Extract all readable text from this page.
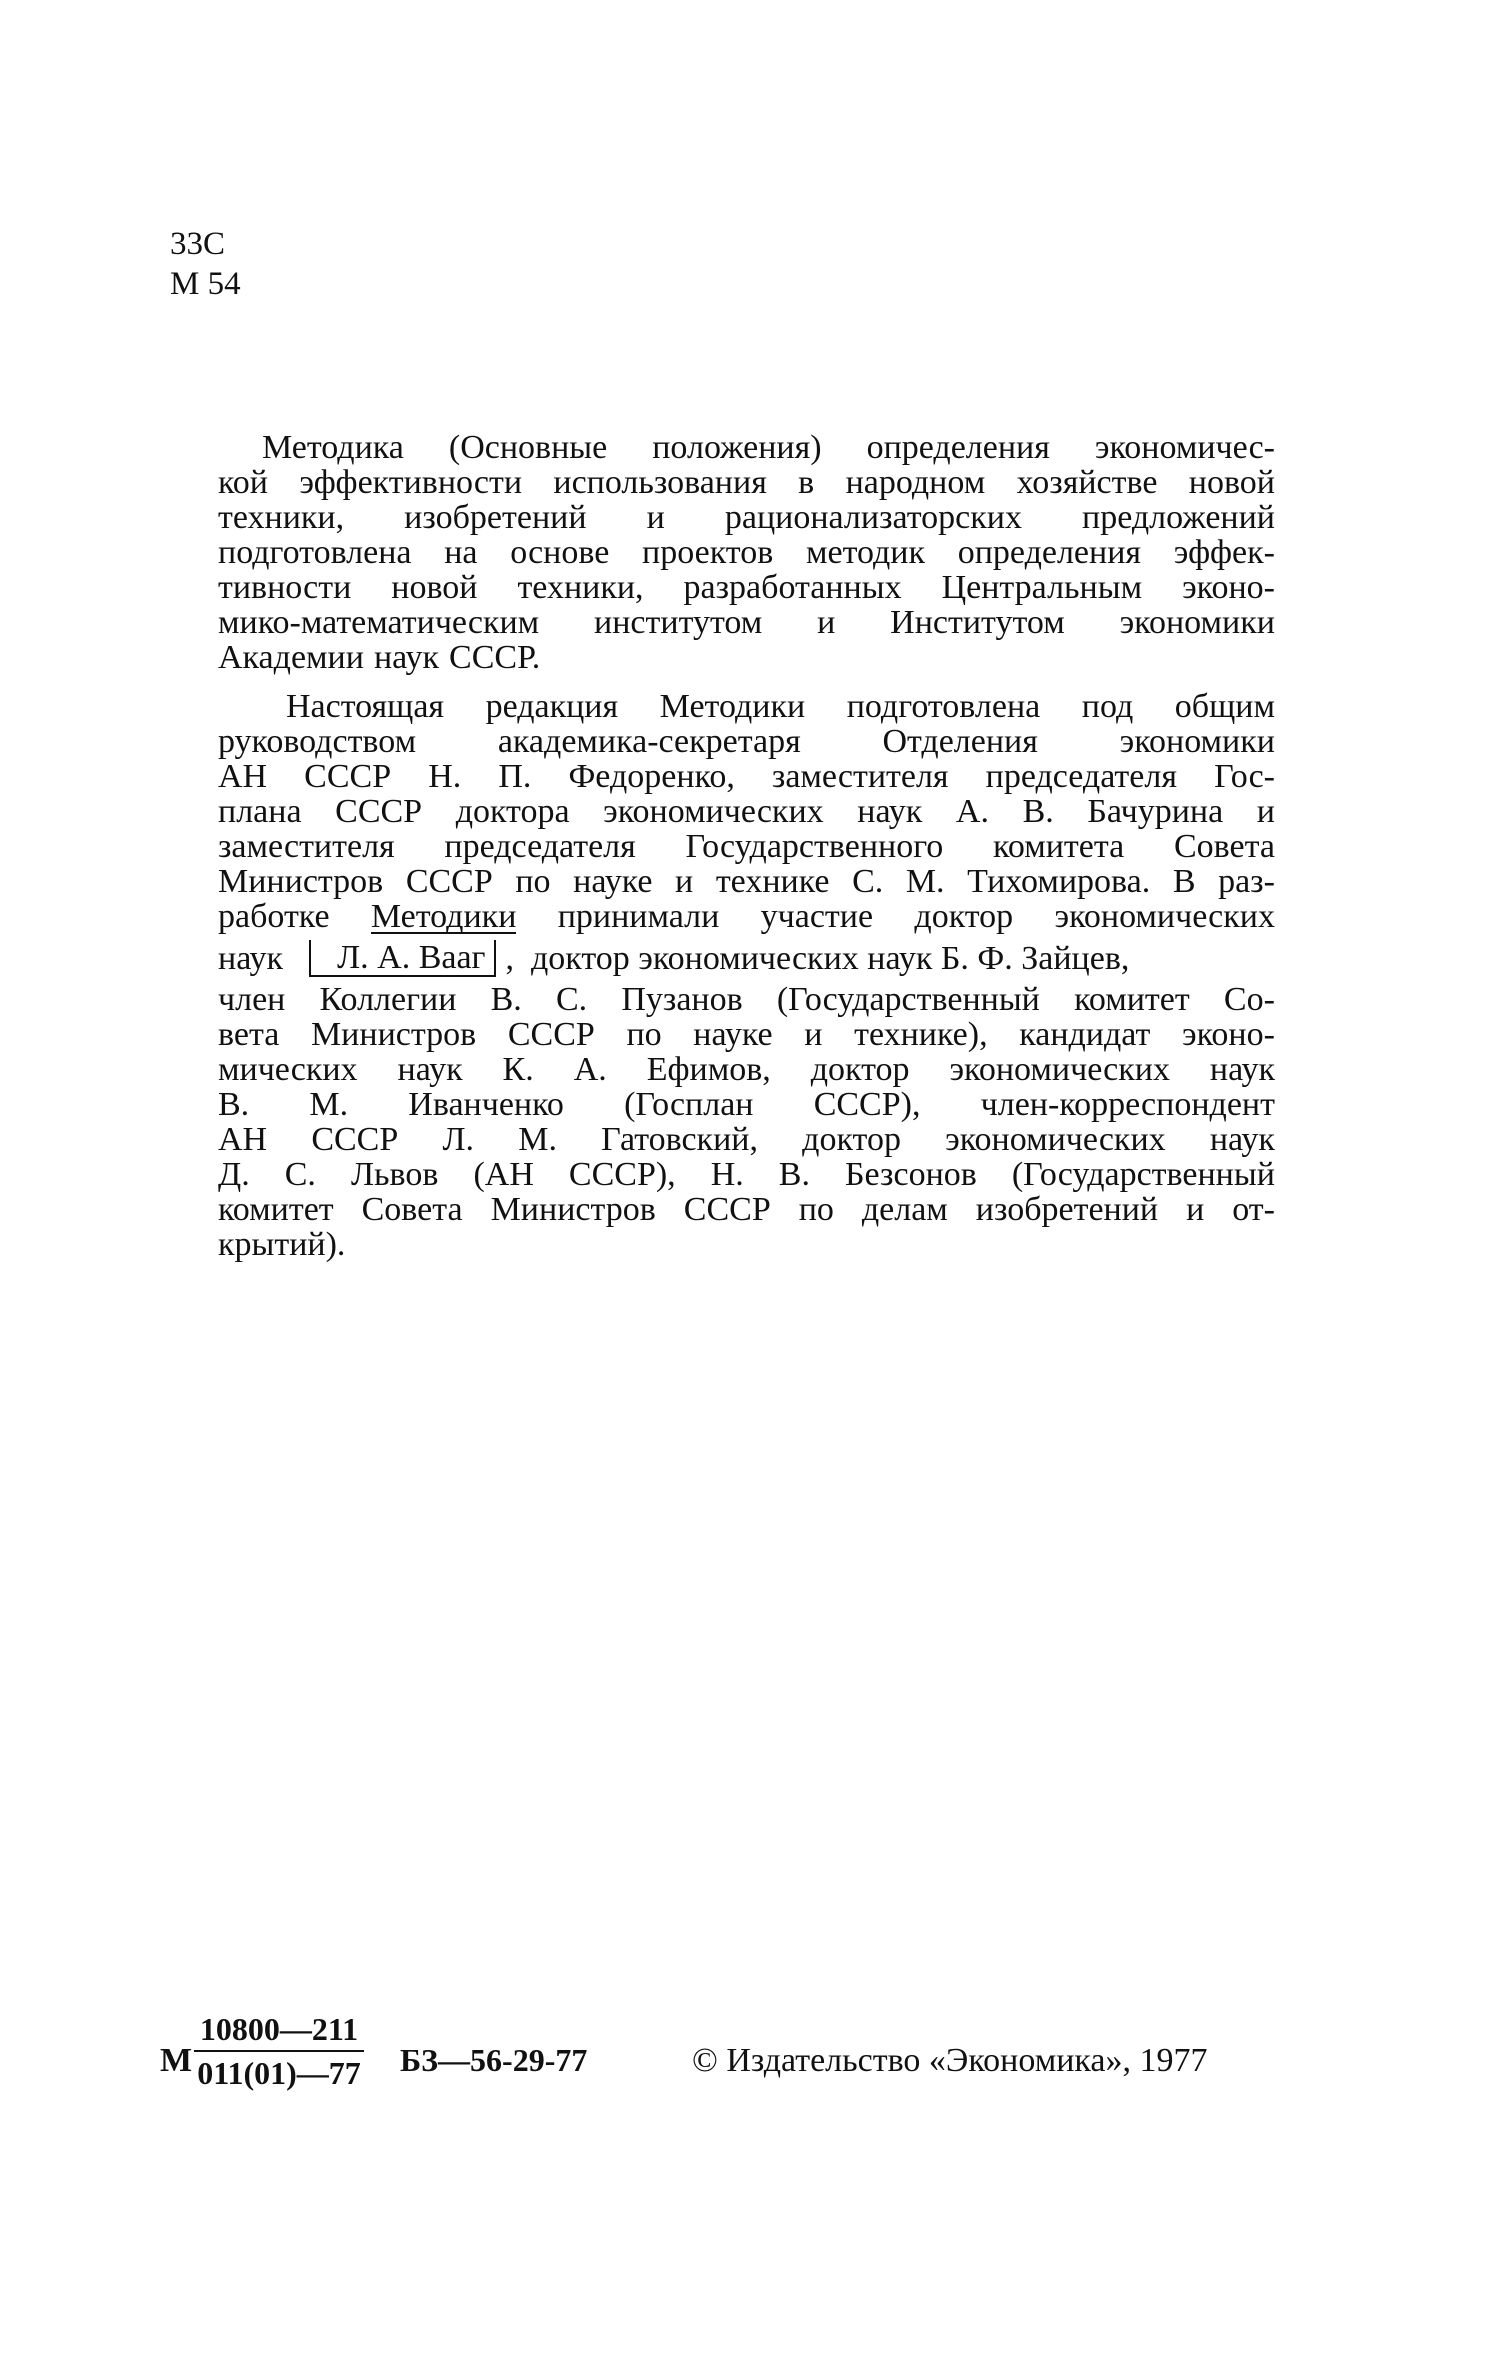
33С
М 54
Методика (Основные положения) определения экономичес-
кой эффективности использования в народном хозяйстве новой
техники, изобретений и рационализаторских предложений
подготовлена на основе проектов методик определения эффек-
тивности новой техники, разработанных Центральным эконо-
мико-математическим институтом и Институтом экономики
Академии наук СССР.
Настоящая редакция Методики подготовлена под общим
руководством академика-секретаря Отделения экономики
АН СССР Н. П. Федоренко, заместителя председателя Гос-
плана СССР доктора экономических наук А. В. Бачурина и
заместителя председателя Государственного комитета Совета
Министров СССР по науке и технике С. М. Тихомирова. В раз-
работке Методики принимали участие доктор экономических
наук	Л. А. Вааг ,  доктор экономических наук Б. Ф. Зайцев,
член Коллегии В. С. Пузанов (Государственный комитет Со-
вета Министров СССР по науке и технике), кандидат эконо-
мических наук К. А. Ефимов, доктор экономических наук
В. М. Иванченко (Госплан СССР), член-корреспондент
АН СССР Л. М. Гатовский, доктор экономических наук
Д. С. Львов (АН СССР), Н. В. Безсонов (Государственный
комитет Совета Министров СССР по делам изобретений и от-
крытий).
М
10800—211
011(01)—77 БЗ—56-29-77	© Издательство «Экономика», 1977
